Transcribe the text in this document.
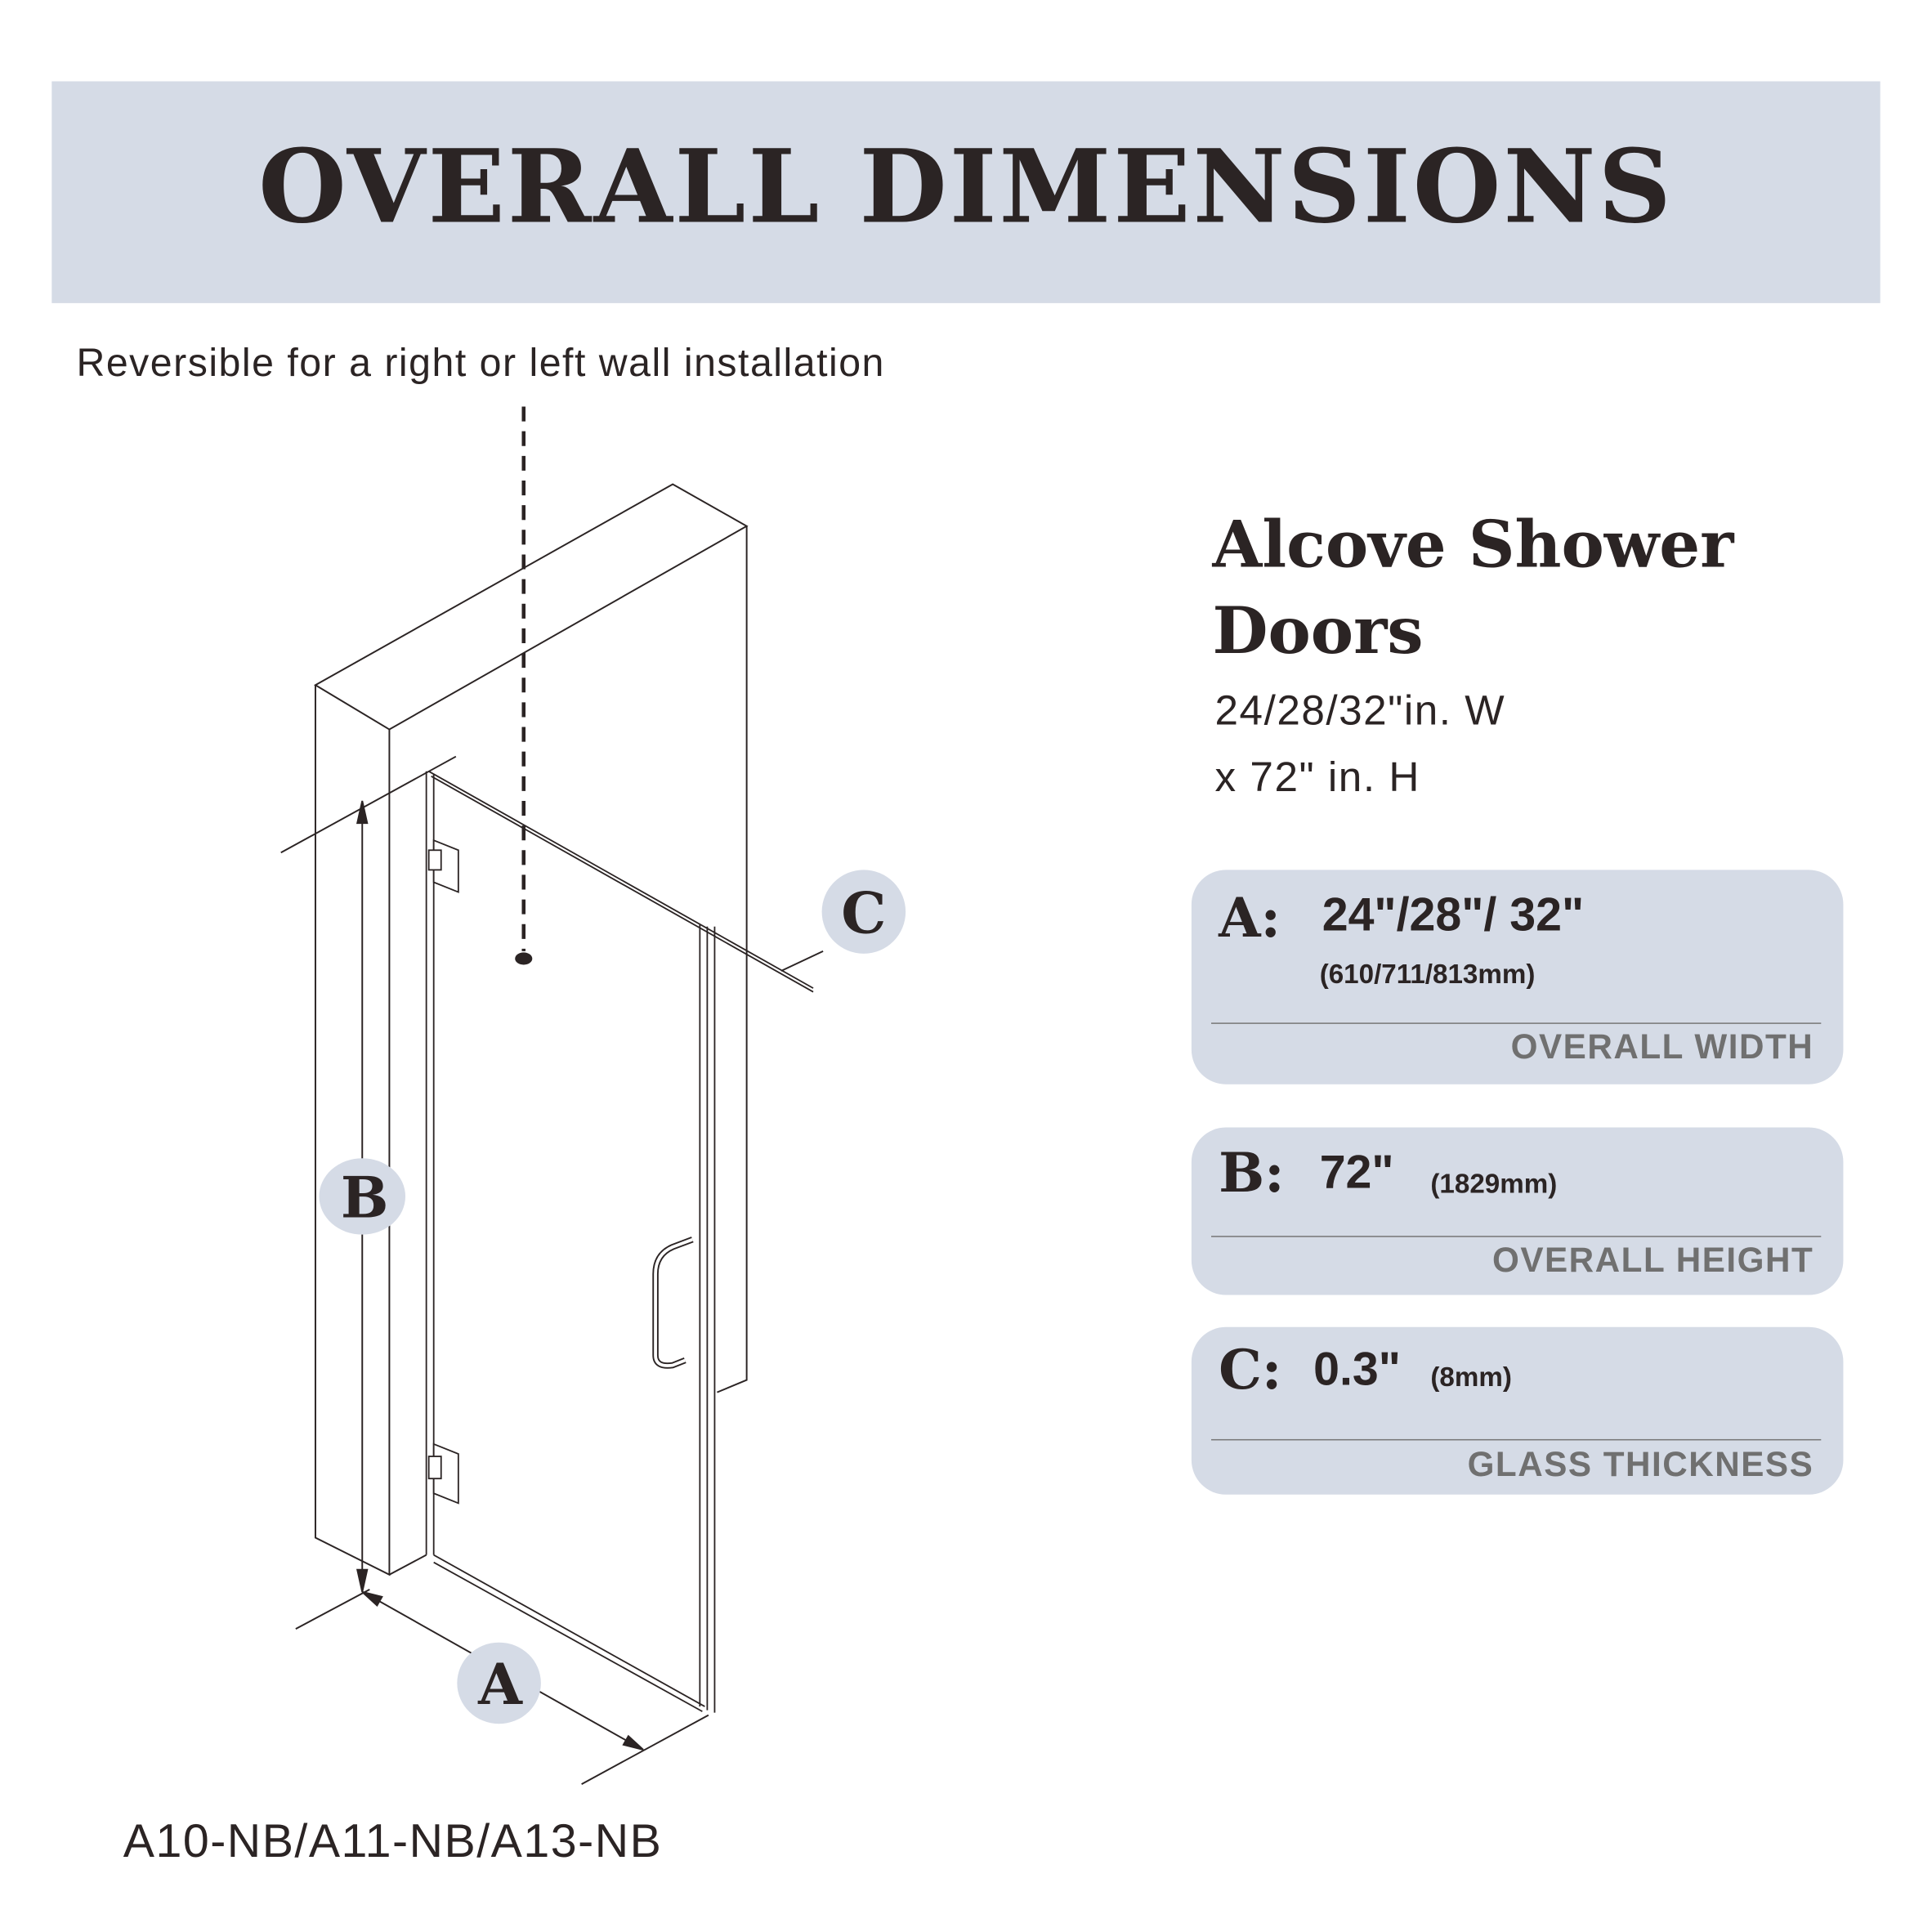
OVERALL DIMENSIONS
Reversible for a right or left wall installation
C
B
A
A10-NB/A11-NB/A13-NB
Alcove Shower Doors
24/28/32"in. W
x 72" in. H
A: 24"/28"/ 32"
(610/711/813mm)
OVERALL WIDTH
B: 72" (1829mm)
OVERALL HEIGHT
C: 0.3" (8mm)
GLASS THICKNESS
